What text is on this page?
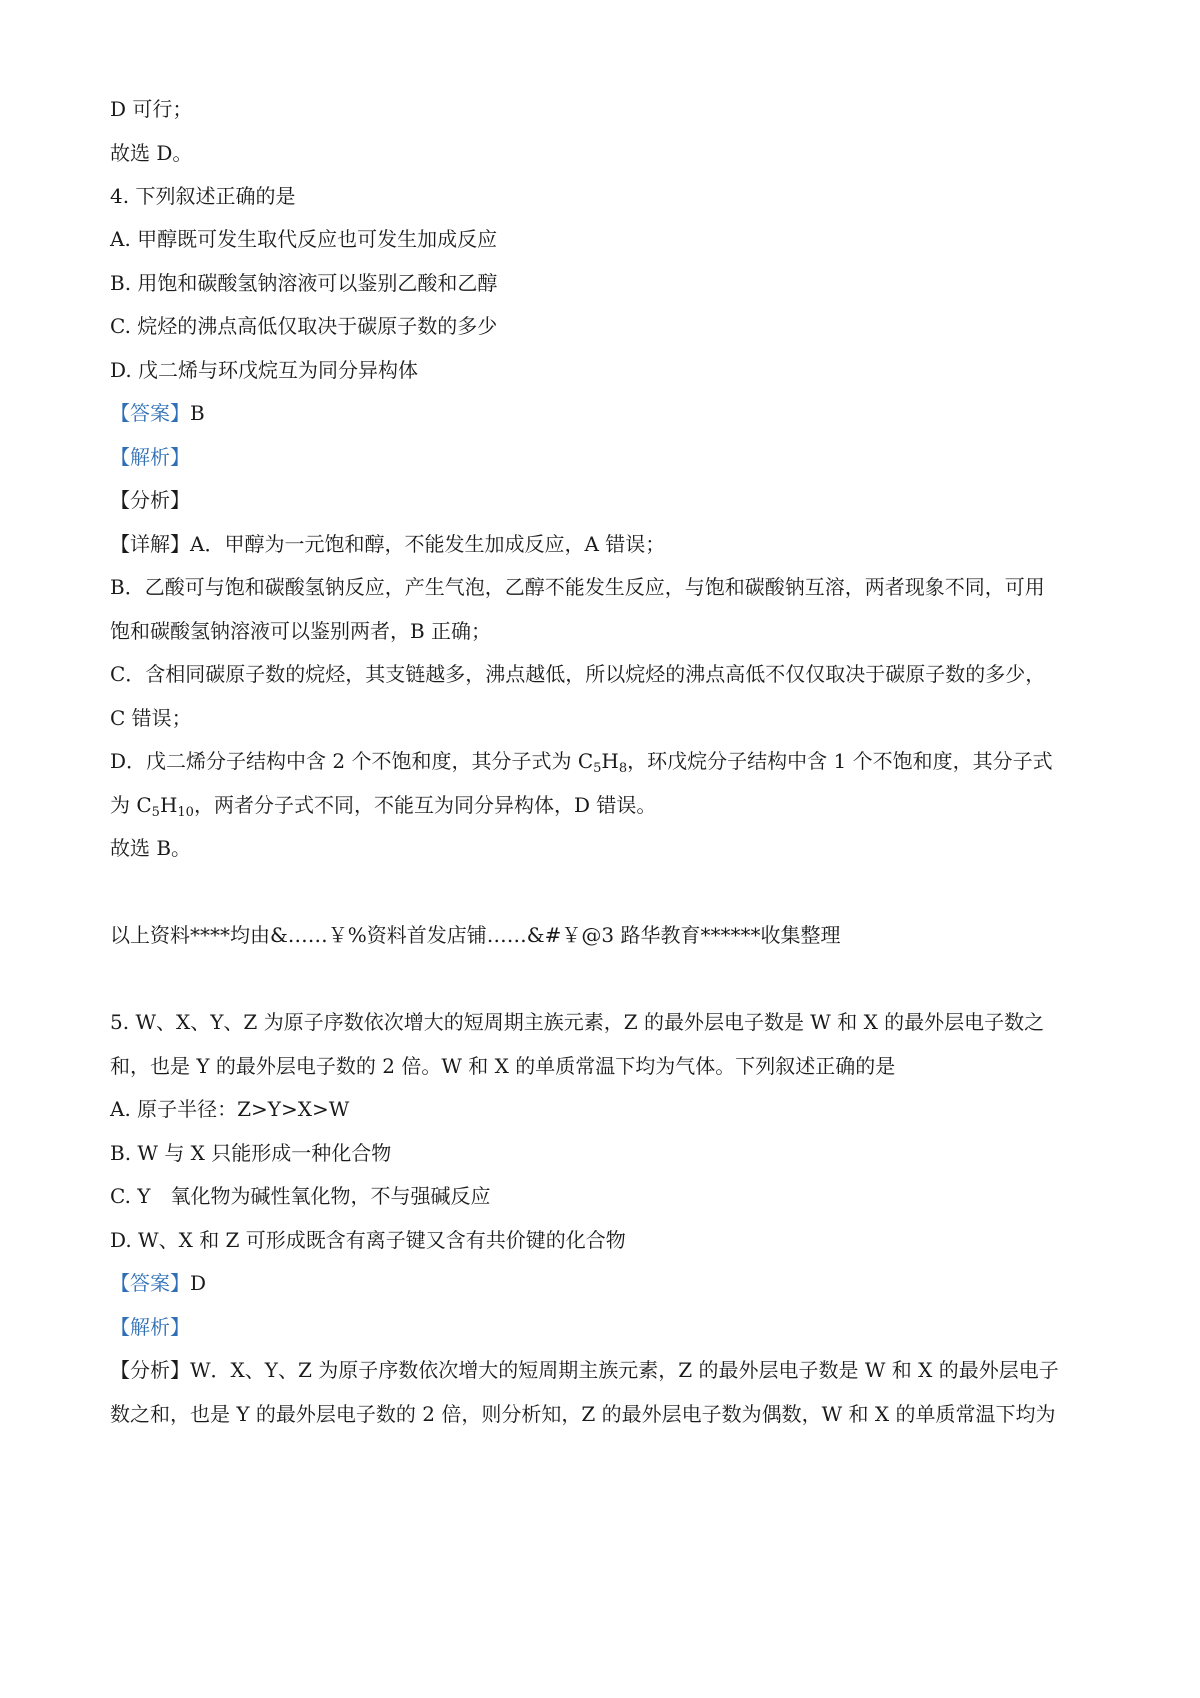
D 可行；
故选 D。
4. 下列叙述正确的是
A. 甲醇既可发生取代反应也可发生加成反应
B. 用饱和碳酸氢钠溶液可以鉴别乙酸和乙醇
C. 烷烃的沸点高低仅取决于碳原子数的多少
D. 戊二烯与环戊烷互为同分异构体
【答案】B
【解析】
【分析】
【详解】A．甲醇为一元饱和醇，不能发生加成反应，A 错误；
B．乙酸可与饱和碳酸氢钠反应，产生气泡，乙醇不能发生反应，与饱和碳酸钠互溶，两者现象不同，可用
饱和碳酸氢钠溶液可以鉴别两者，B 正确；
C．含相同碳原子数的烷烃，其支链越多，沸点越低，所以烷烃的沸点高低不仅仅取决于碳原子数的多少，
C 错误；
D．戊二烯分子结构中含 2 个不饱和度，其分子式为 $C_5H_8$，环戊烷分子结构中含 1 个不饱和度，其分子式
为 $C_5H_{10}$，两者分子式不同，不能互为同分异构体，D 错误。
故选 B。
以上资料****均由&……￥%资料首发店铺……&#￥@3 路华教育******收集整理
5. W、X、Y、Z 为原子序数依次增大的短周期主族元素，Z 的最外层电子数是 W 和 X 的最外层电子数之
和，也是 Y 的最外层电子数的 2 倍。W 和 X 的单质常温下均为气体。下列叙述正确的是
A. 原子半径：Z>Y>X>W
B. W 与 X 只能形成一种化合物
C. Y　氧化物为碱性氧化物，不与强碱反应
D. W、X 和 Z 可形成既含有离子键又含有共价键的化合物
【答案】D
【解析】
【分析】W．X、Y、Z 为原子序数依次增大的短周期主族元素，Z 的最外层电子数是 W 和 X 的最外层电子
数之和，也是 Y 的最外层电子数的 2 倍，则分析知，Z 的最外层电子数为偶数，W 和 X 的单质常温下均为
